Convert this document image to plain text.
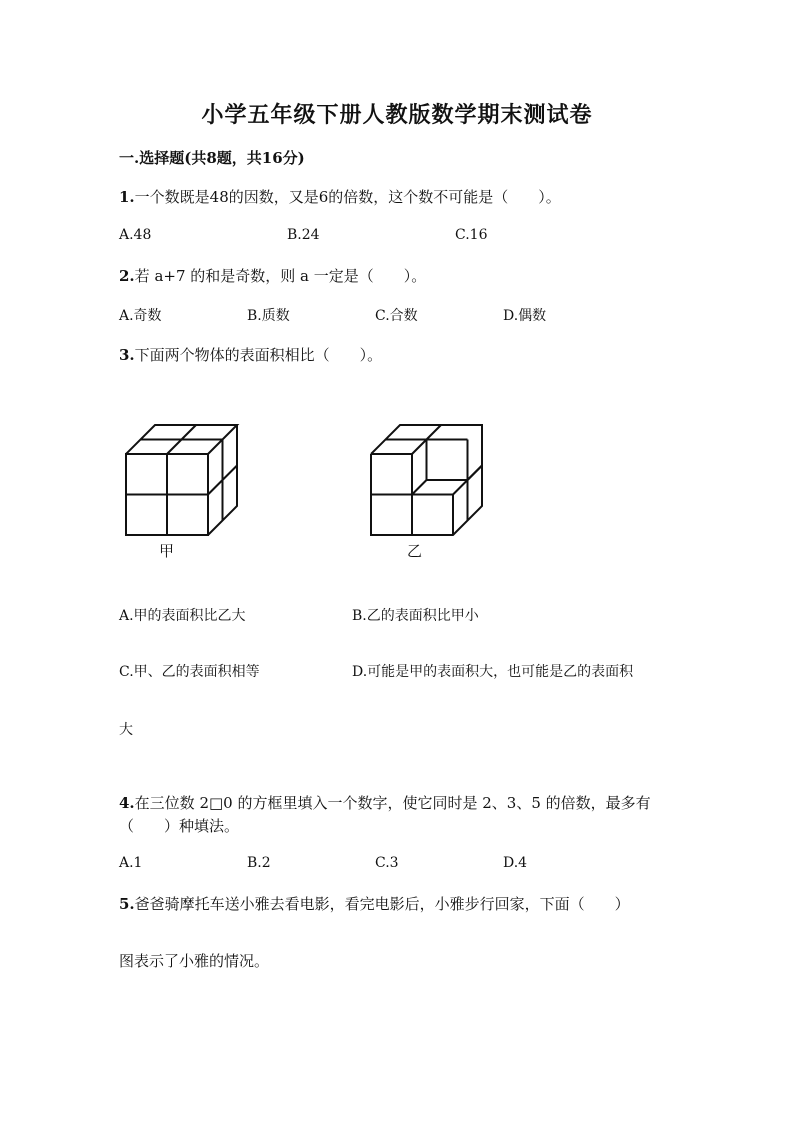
小学五年级下册人教版数学期末测试卷
一.选择题(共8题，共16分)
1.一个数既是48的因数，又是6的倍数，这个数不可能是（　　）。
A.48	B.24	C.16
2.若 a+7 的和是奇数，则 a 一定是（　　）。
A.奇数	B.质数	C.合数	D.偶数
3.下面两个物体的表面积相比（　　）。
甲	乙
A.甲的表面积比乙大	B.乙的表面积比甲小
C.甲、乙的表面积相等	D.可能是甲的表面积大，也可能是乙的表面积
大
4.在三位数 2□0 的方框里填入一个数字，使它同时是 2、3、5 的倍数，最多有
（　　）种填法。
A.1	B.2	C.3	D.4
5.爸爸骑摩托车送小雅去看电影，看完电影后，小雅步行回家，下面（　　）
图表示了小雅的情况。
